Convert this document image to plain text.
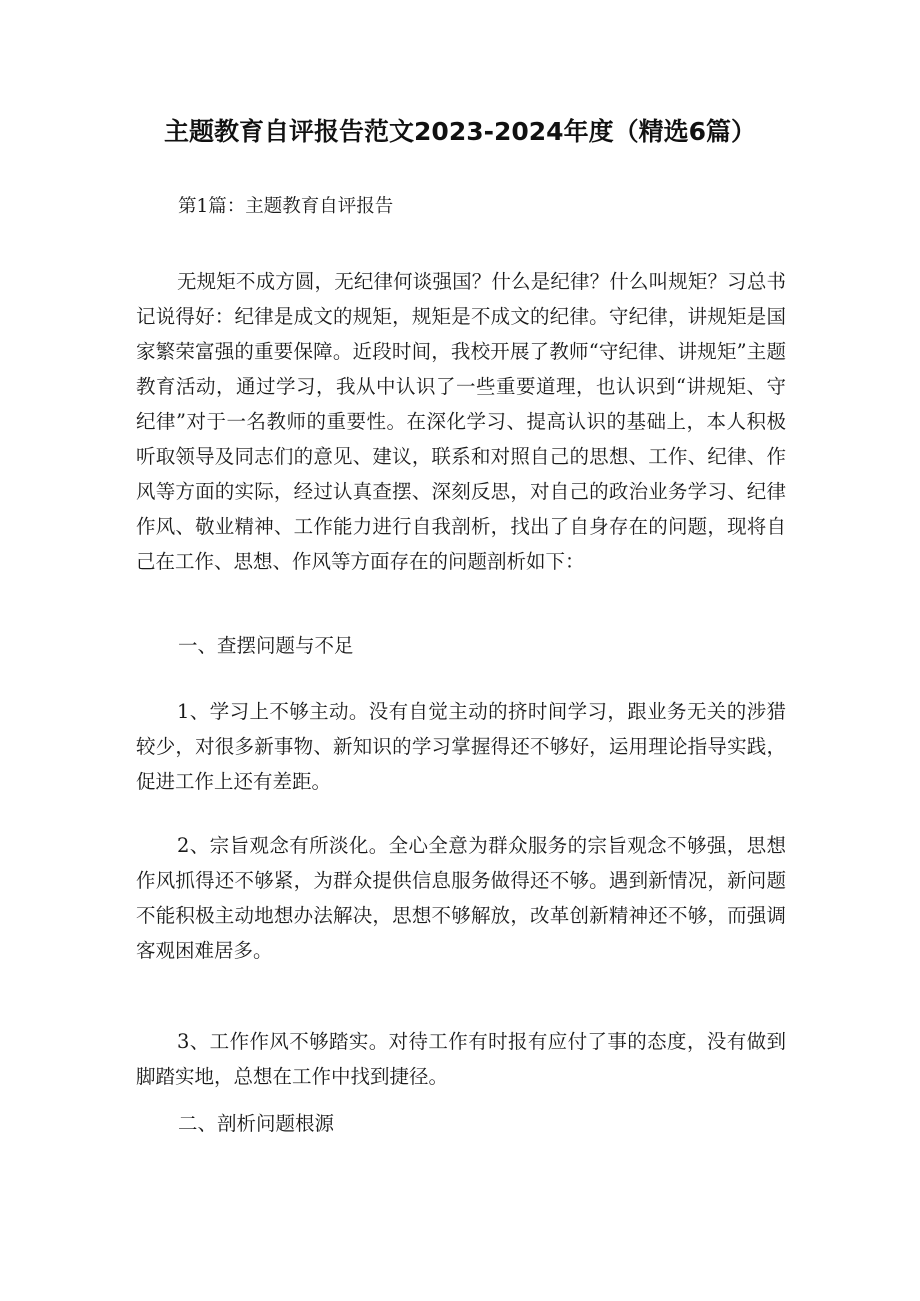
主题教育自评报告范文2023-2024年度（精选6篇）

第1篇：主题教育自评报告

无规矩不成方圆，无纪律何谈强国？什么是纪律？什么叫规矩？习总书记说得好：纪律是成文的规矩，规矩是不成文的纪律。守纪律，讲规矩是国家繁荣富强的重要保障。近段时间，我校开展了教师“守纪律、讲规矩”主题教育活动，通过学习，我从中认识了一些重要道理，也认识到“讲规矩、守纪律”对于一名教师的重要性。在深化学习、提高认识的基础上，本人积极听取领导及同志们的意见、建议，联系和对照自己的思想、工作、纪律、作风等方面的实际，经过认真查摆、深刻反思，对自己的政治业务学习、纪律作风、敬业精神、工作能力进行自我剖析，找出了自身存在的问题，现将自己在工作、思想、作风等方面存在的问题剖析如下：

一、查摆问题与不足

1、学习上不够主动。没有自觉主动的挤时间学习，跟业务无关的涉猎较少，对很多新事物、新知识的学习掌握得还不够好，运用理论指导实践，促进工作上还有差距。

2、宗旨观念有所淡化。全心全意为群众服务的宗旨观念不够强，思想作风抓得还不够紧，为群众提供信息服务做得还不够。遇到新情况，新问题不能积极主动地想办法解决，思想不够解放，改革创新精神还不够，而强调客观困难居多。

3、工作作风不够踏实。对待工作有时报有应付了事的态度，没有做到脚踏实地，总想在工作中找到捷径。

二、剖析问题根源
